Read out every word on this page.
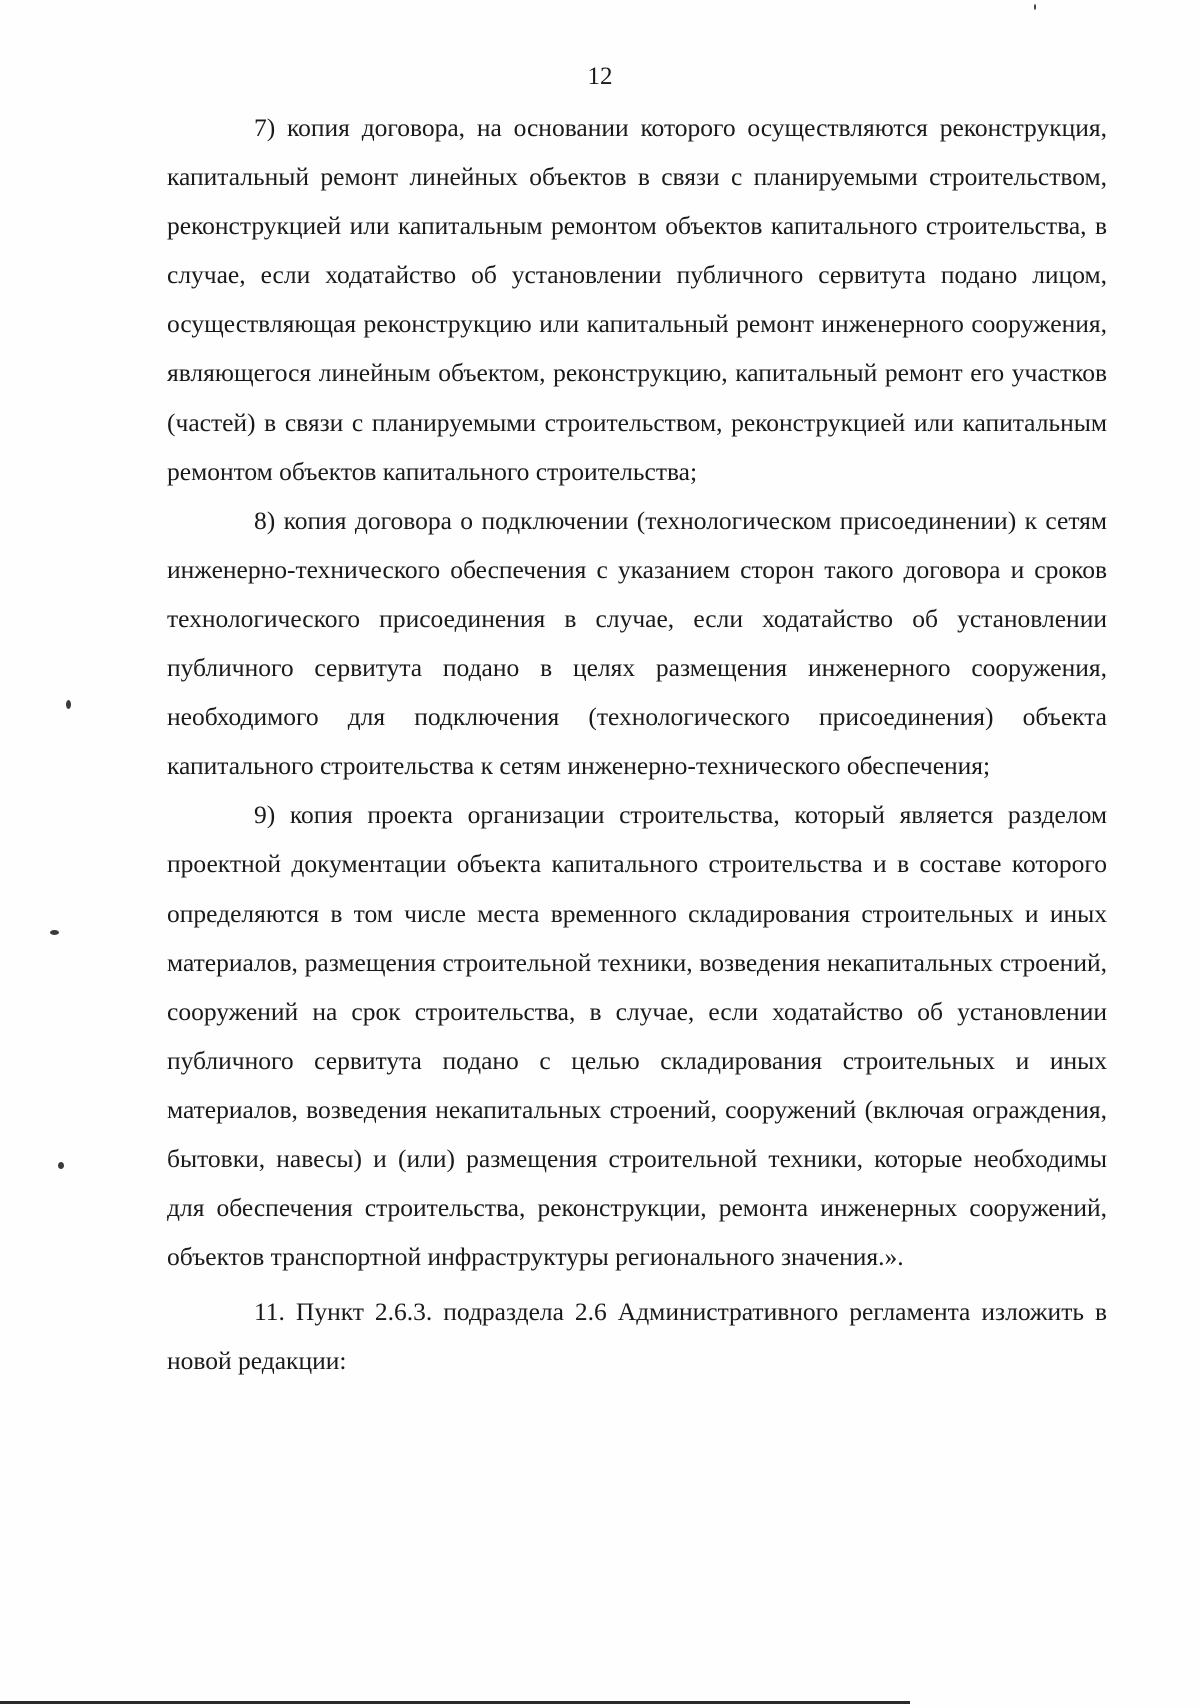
12

7) копия договора, на основании которого осуществляются реконструкция, капитальный ремонт линейных объектов в связи с планируемыми строительством, реконструкцией или капитальным ремонтом объектов капитального строительства, в случае, если ходатайство об установлении публичного сервитута подано лицом, осуществляющая реконструкцию или капитальный ремонт инженерного сооружения, являющегося линейным объектом, реконструкцию, капитальный ремонт его участков (частей) в связи с планируемыми строительством, реконструкцией или капитальным ремонтом объектов капитального строительства;

8) копия договора о подключении (технологическом присоединении) к сетям инженерно-технического обеспечения с указанием сторон такого договора и сроков технологического присоединения в случае, если ходатайство об установлении публичного сервитута подано в целях размещения инженерного сооружения, необходимого для подключения (технологического присоединения) объекта капитального строительства к сетям инженерно-технического обеспечения;

9) копия проекта организации строительства, который является разделом проектной документации объекта капитального строительства и в составе которого определяются в том числе места временного складирования строительных и иных материалов, размещения строительной техники, возведения некапитальных строений, сооружений на срок строительства, в случае, если ходатайство об установлении публичного сервитута подано с целью складирования строительных и иных материалов, возведения некапитальных строений, сооружений (включая ограждения, бытовки, навесы) и (или) размещения строительной техники, которые необходимы для обеспечения строительства, реконструкции, ремонта инженерных сооружений, объектов транспортной инфраструктуры регионального значения.».

11. Пункт 2.6.3. подраздела 2.6 Административного регламента изложить в новой редакции:
